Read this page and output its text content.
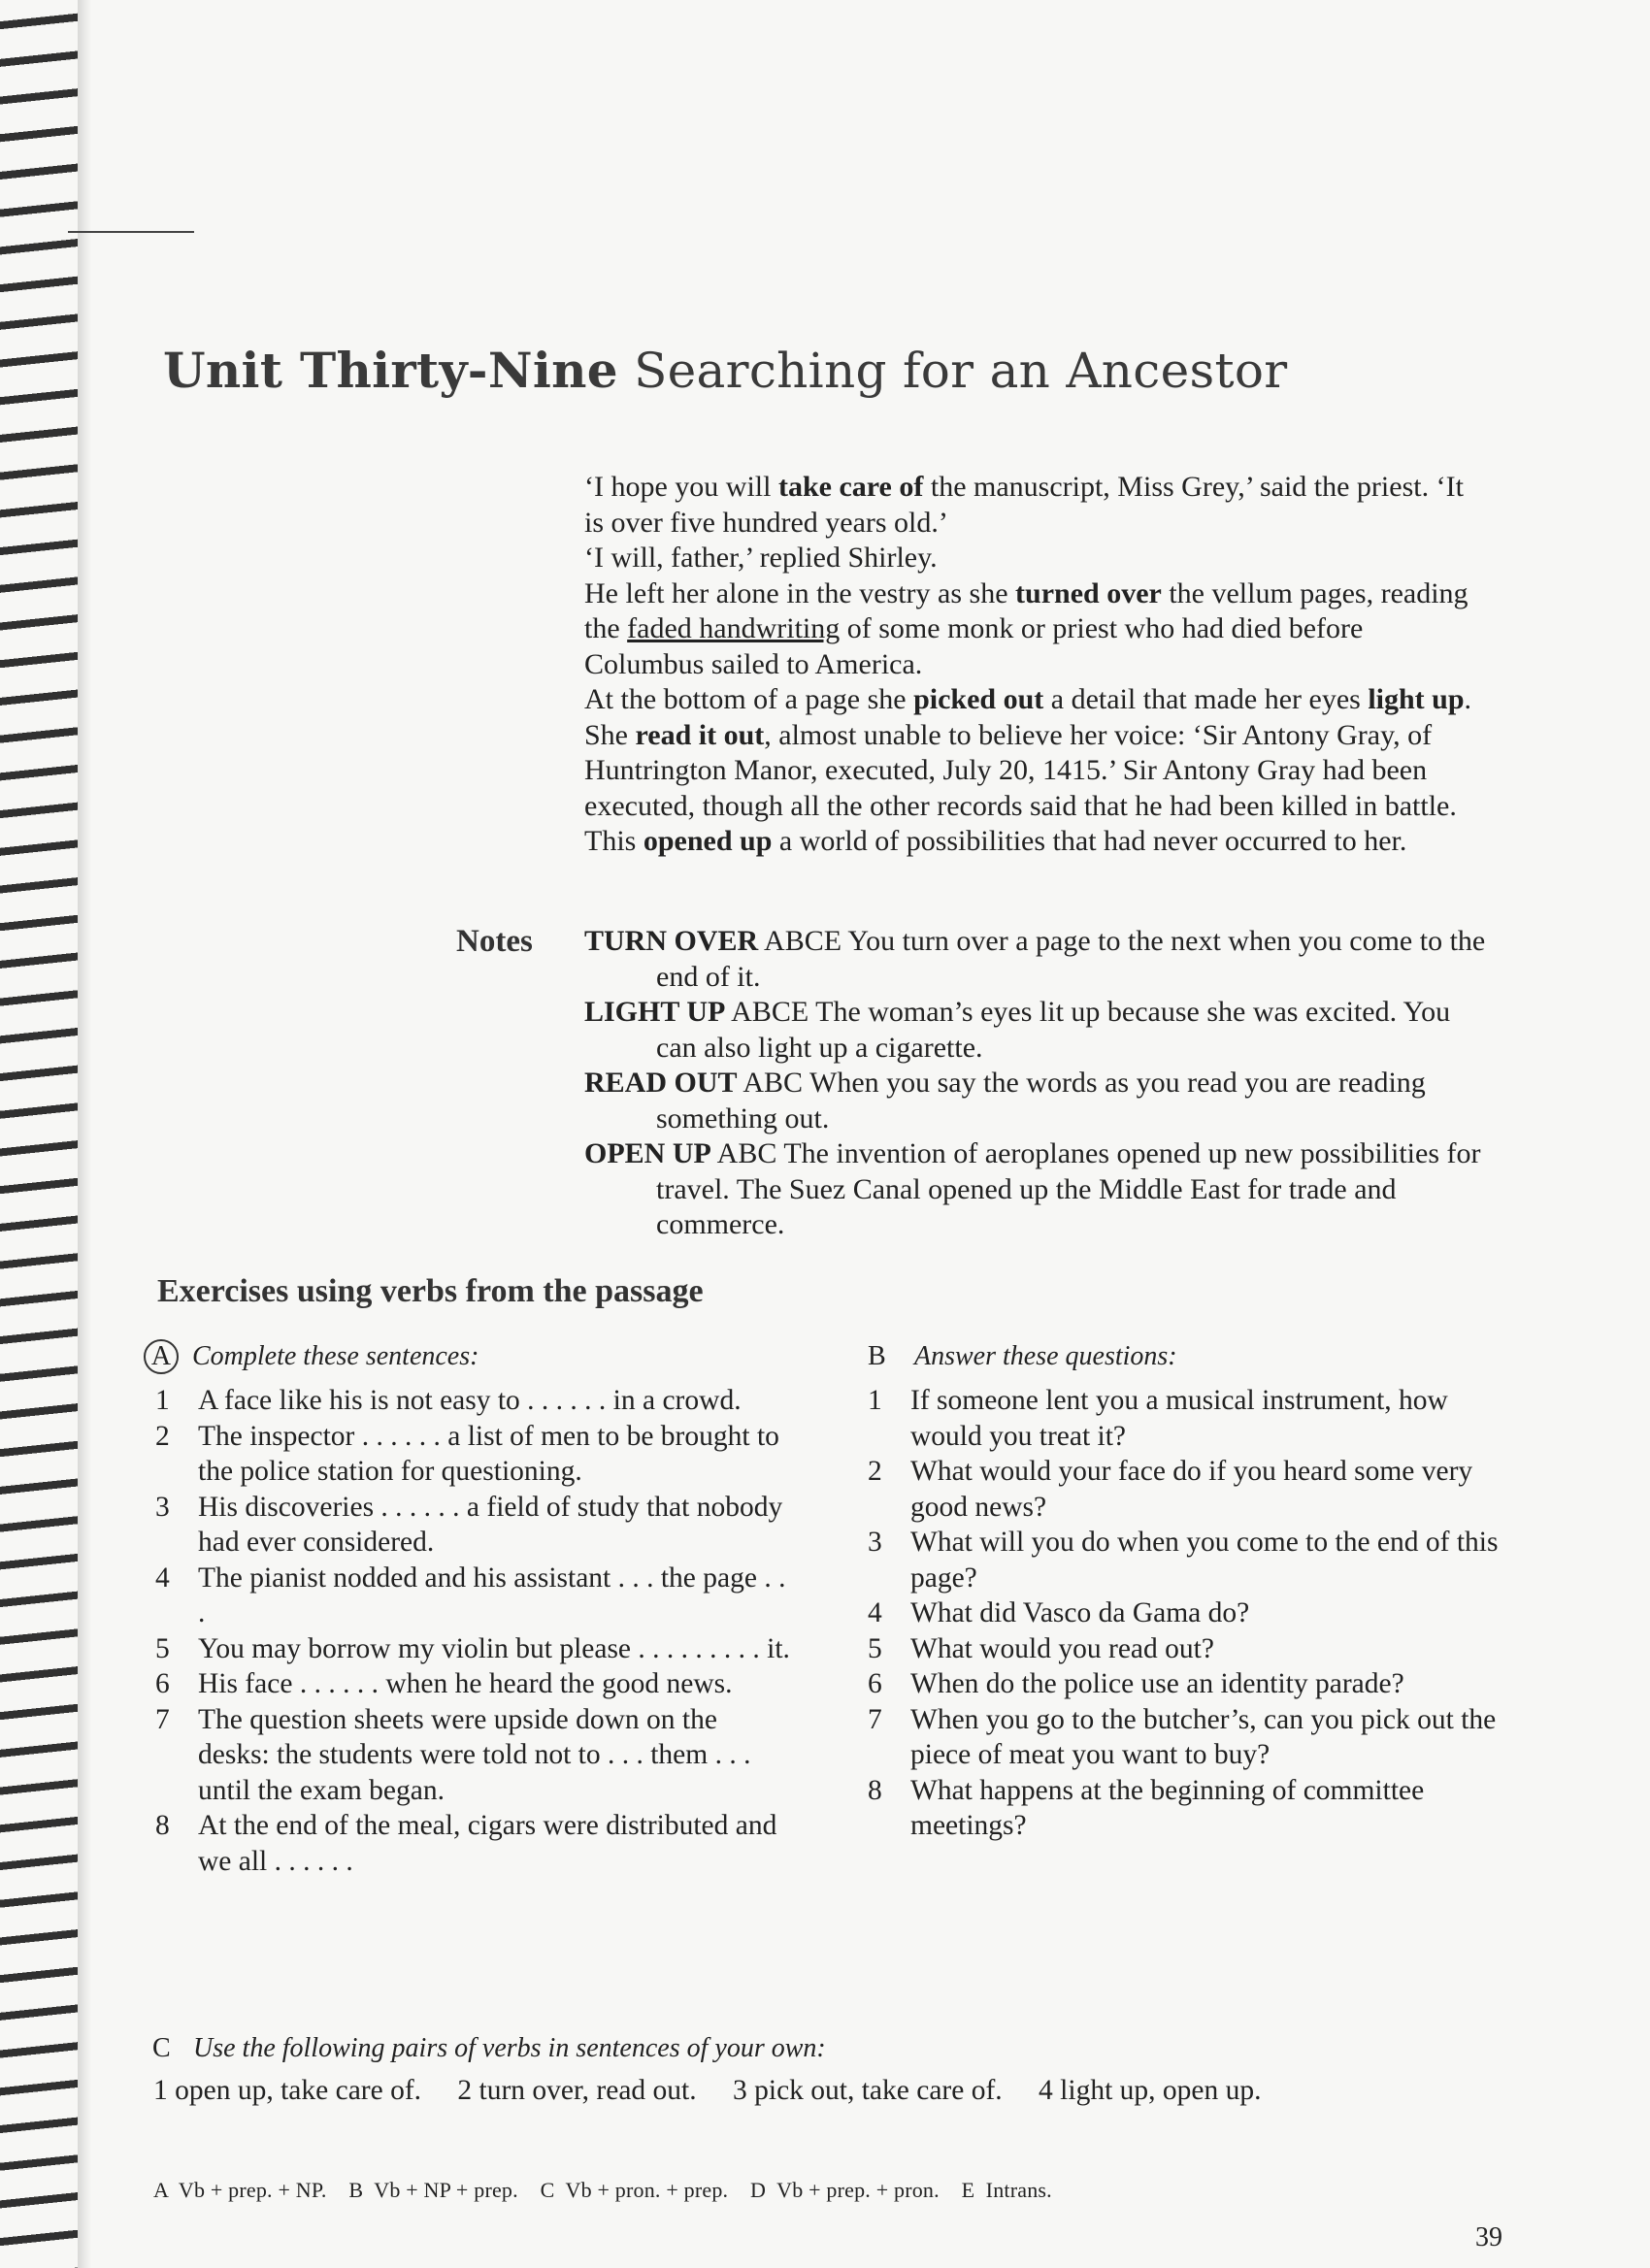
Unit Thirty-Nine Searching for an Ancestor

‘I hope you will take care of the manuscript, Miss Grey,’ said the priest. ‘It is over five hundred years old.’

‘I will, father,’ replied Shirley.

He left her alone in the vestry as she turned over the vellum pages, reading the faded handwriting of some monk or priest who had died before Columbus sailed to America.

At the bottom of a page she picked out a detail that made her eyes light up. She read it out, almost unable to believe her voice: ‘Sir Antony Gray, of Huntrington Manor, executed, July 20, 1415.’ Sir Antony Gray had been executed, though all the other records said that he had been killed in battle. This opened up a world of possibilities that had never occurred to her.

Notes TURN OVER ABCE You turn over a page to the next when you come to the end of it.

LIGHT UP ABCE The woman’s eyes lit up because she was excited. You can also light up a cigarette.

READ OUT ABC When you say the words as you read you are reading something out.

OPEN UP ABC The invention of aeroplanes opened up new possibilities for travel. The Suez Canal opened up the Middle East for trade and commerce.

Exercises using verbs from the passage
A Complete these sentences:
1 A face like his is not easy to . . . . . . in a crowd.
2 The inspector . . . . . . a list of men to be brought to the police station for questioning.
3 His discoveries . . . . . . a field of study that nobody had ever considered.
4 The pianist nodded and his assistant . . . the page . . .
5 You may borrow my violin but please . . . . . . . . . it.
6 His face . . . . . . when he heard the good news.
7 The question sheets were upside down on the desks: the students were told not to . . . them . . . until the exam began.
8 At the end of the meal, cigars were distributed and we all . . . . . .
B Answer these questions:
1 If someone lent you a musical instrument, how would you treat it?
2 What would your face do if you heard some very good news?
3 What will you do when you come to the end of this page?
4 What did Vasco da Gama do?
5 What would you read out?
6 When do the police use an identity parade?
7 When you go to the butcher’s, can you pick out the piece of meat you want to buy?
8 What happens at the beginning of committee meetings?
C Use the following pairs of verbs in sentences of your own:
1 open up, take care of. 2 turn over, read out. 3 pick out, take care of. 4 light up, open up.
A  Vb + prep. + NP.    B  Vb + NP + prep.    C  Vb + pron. + prep.    D  Vb + prep. + pron.    E  Intrans.
39
